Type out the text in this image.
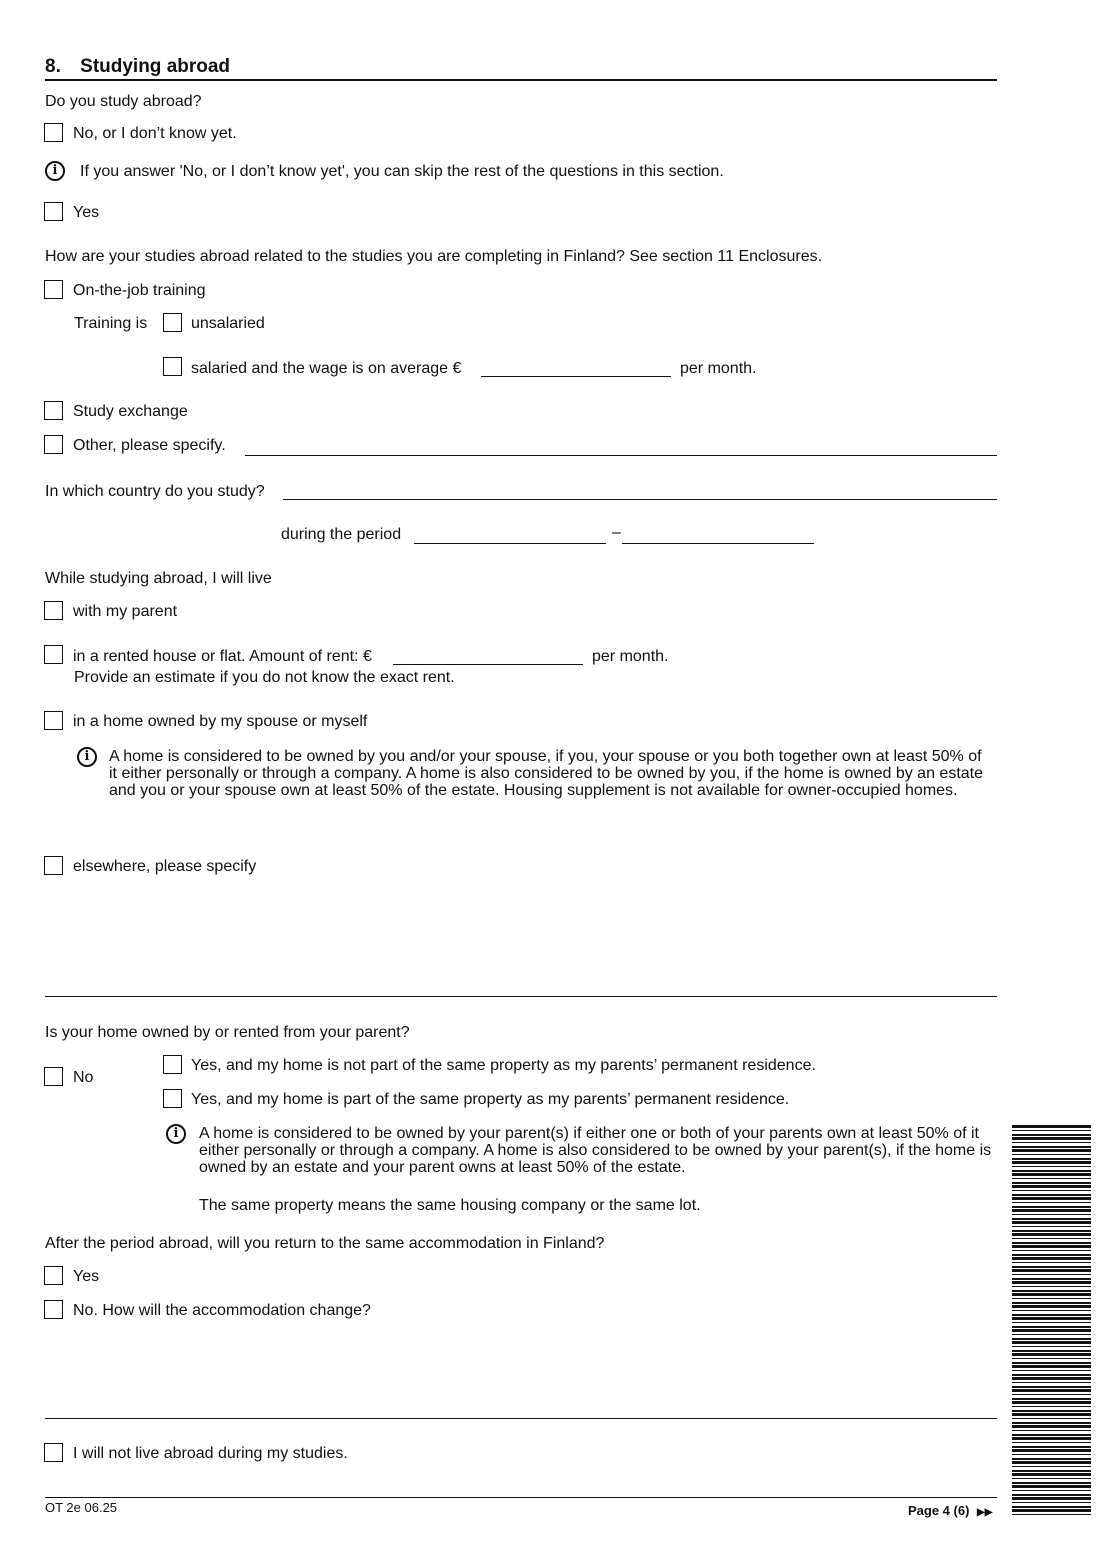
8. Studying abroad
Do you study abroad?
No, or I don’t know yet.
i	If you answer 'No, or I don’t know yet', you can skip the rest of the questions in this section.
Yes
How are your studies abroad related to the studies you are completing in Finland? See section 11 Enclosures.
On-the-job training
Training is	unsalaried
salaried and the wage is on average €	per month.
Study exchange
Other, please specify.
In which country do you study?
during the period	–
While studying abroad, I will live
with my parent
in a rented house or flat. Amount of rent: €	per month.
Provide an estimate if you do not know the exact rent.
in a home owned by my spouse or myself
i	A home is considered to be owned by you and/or your spouse, if you, your spouse or you both together own at least 50% of it either personally or through a company. A home is also considered to be owned by you, if the home is owned by an estate and you or your spouse own at least 50% of the estate. Housing supplement is not available for owner-occupied homes.
elsewhere, please specify
Is your home owned by or rented from your parent?
No
Yes, and my home is not part of the same property as my parents’ permanent residence.
Yes, and my home is part of the same property as my parents’ permanent residence.
i	A home is considered to be owned by your parent(s) if either one or both of your parents own at least 50% of it either personally or through a company. A home is also considered to be owned by your parent(s), if the home is owned by an estate and your parent owns at least 50% of the estate.
The same property means the same housing company or the same lot.
After the period abroad, will you return to the same accommodation in Finland?
Yes
No. How will the accommodation change?
I will not live abroad during my studies.
OT 2e 06.25	Page 4 (6) ▶▶
